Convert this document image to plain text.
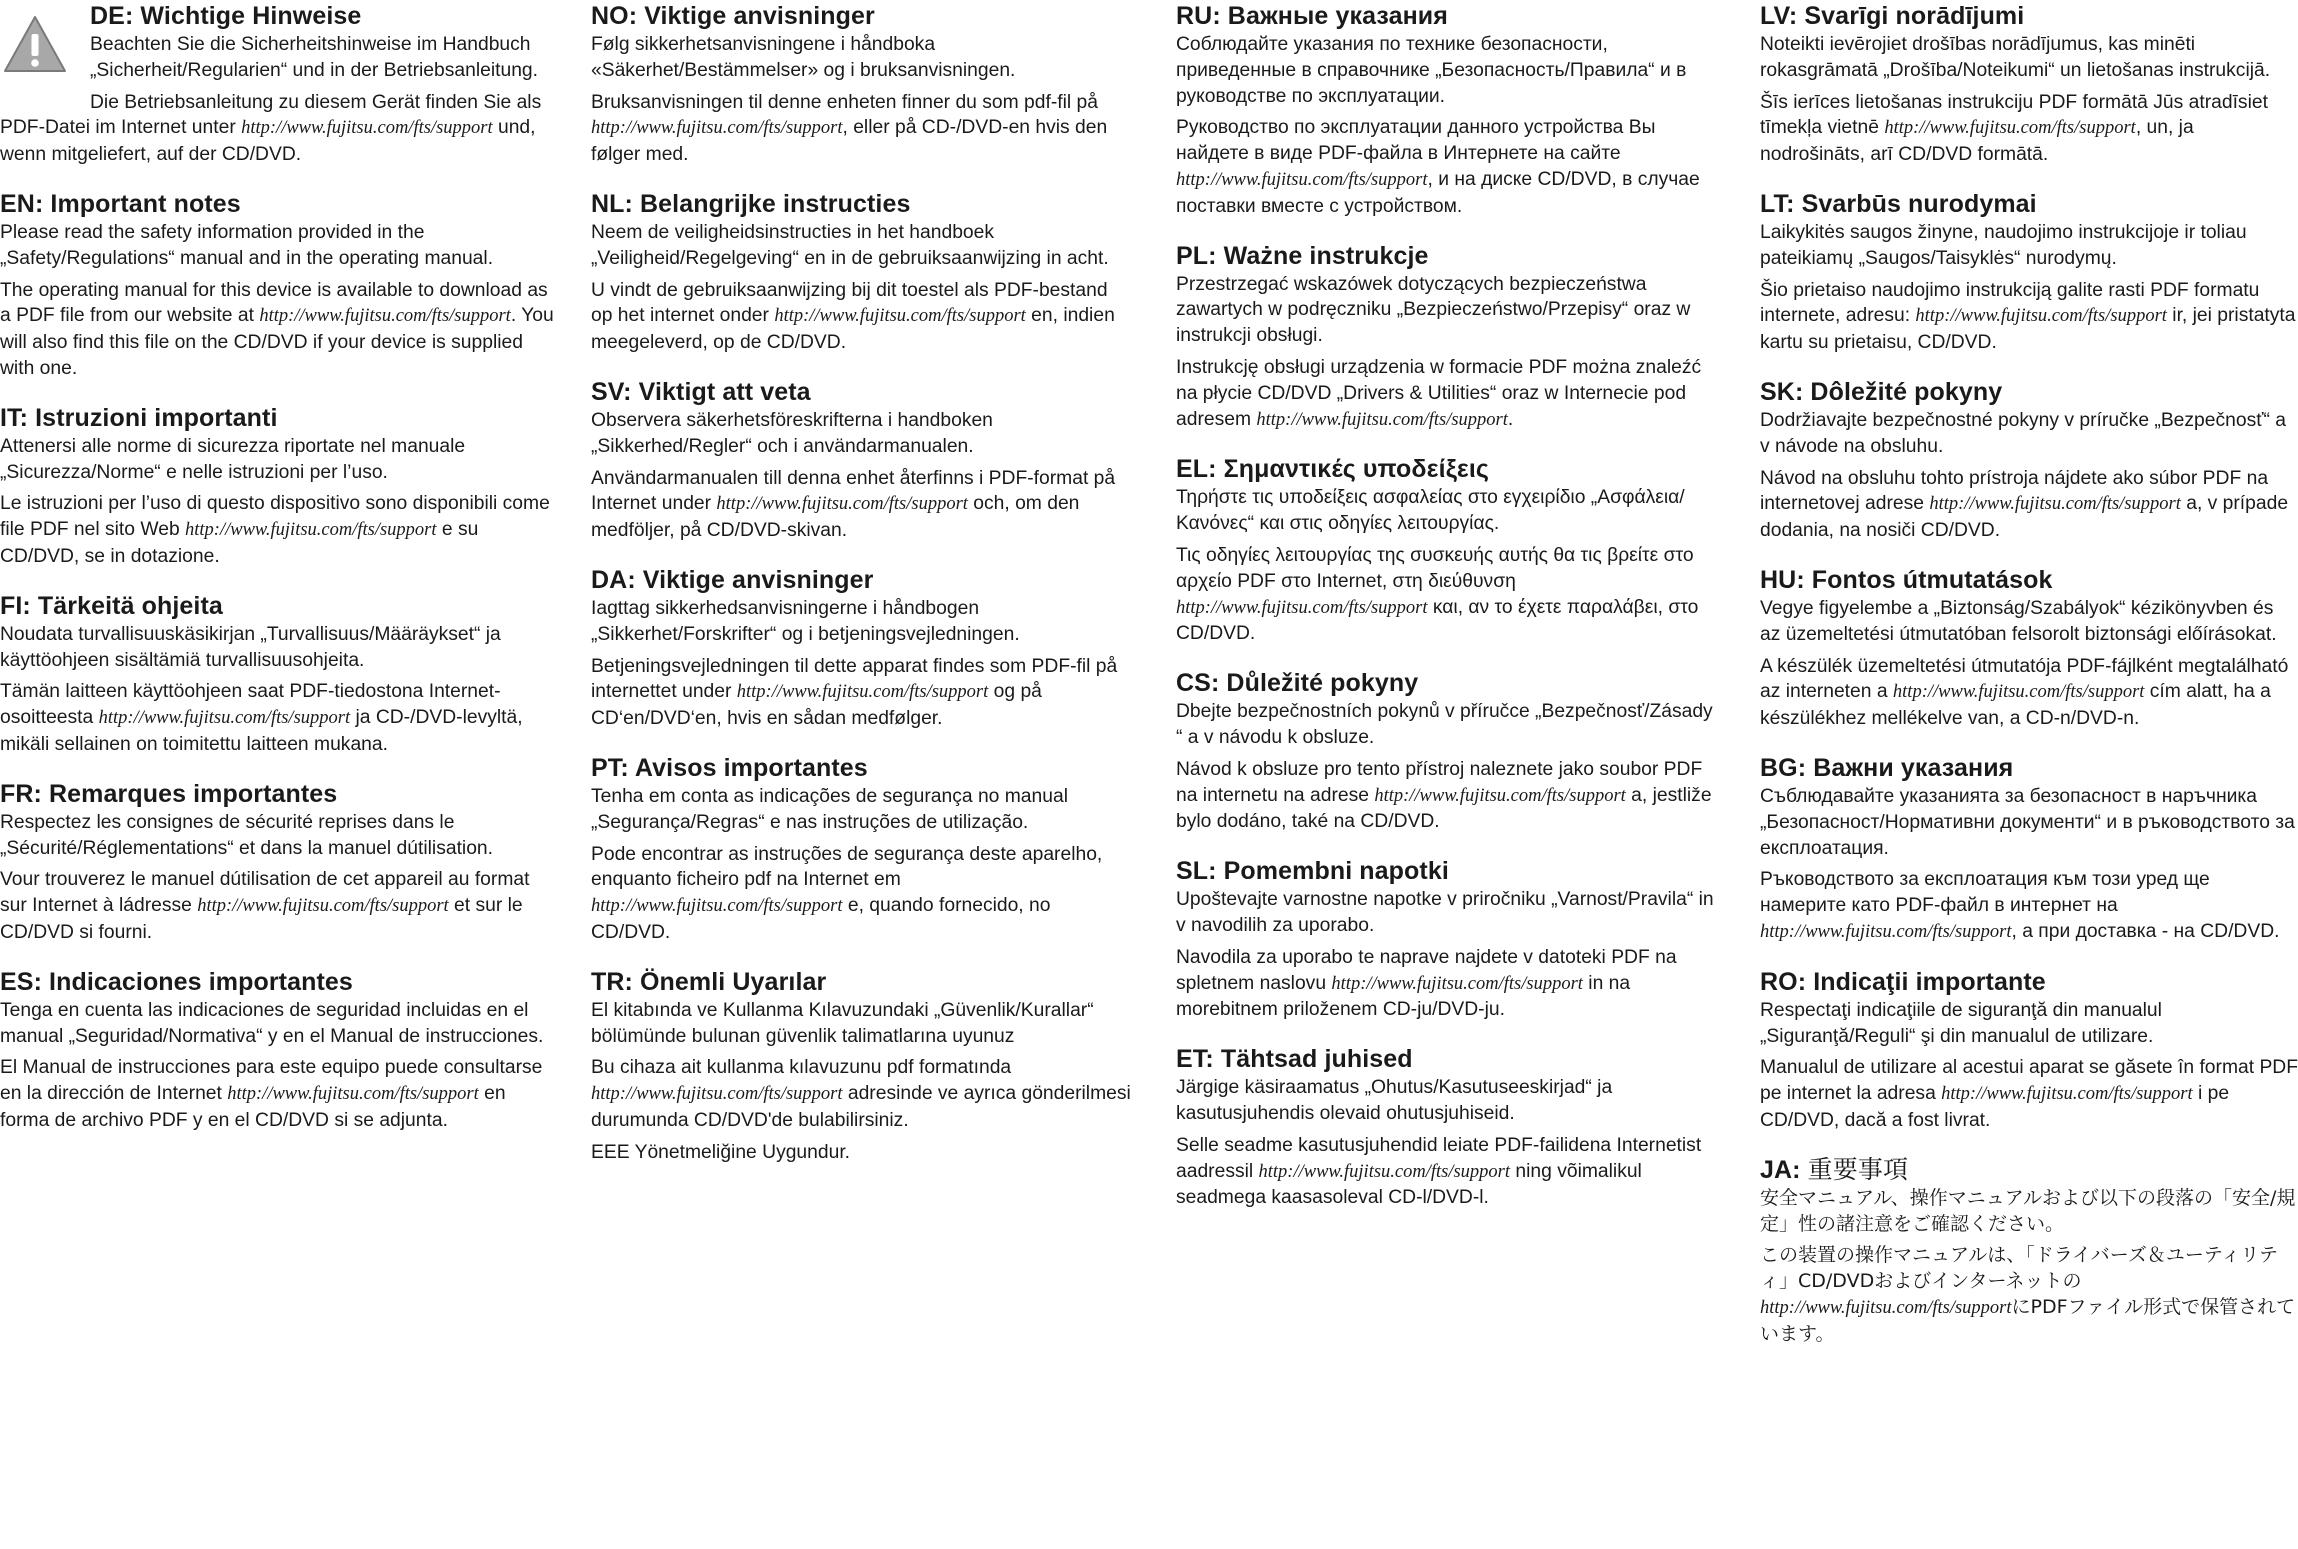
DE: Wichtige Hinweise

Beachten Sie die Sicherheitshinweise im Handbuch „Sicherheit/Regularien“ und in der Betriebsanleitung.

Die Betriebsanleitung zu diesem Gerät finden Sie als PDF-Datei im Internet unter http://www.fujitsu.com/fts/support und, wenn mitgeliefert, auf der CD/DVD.

EN: Important notes

Please read the safety information provided in the „Safety/Regulations“ manual and in the operating manual.

The operating manual for this device is available to download as a PDF file from our website at http://www.fujitsu.com/fts/support. You will also find this file on the CD/DVD if your device is supplied with one.

IT: Istruzioni importanti

Attenersi alle norme di sicurezza riportate nel manuale „Sicurezza/Norme“ e nelle istruzioni per l’uso.

Le istruzioni per l’uso di questo dispositivo sono disponibili come file PDF nel sito Web http://www.fujitsu.com/fts/support e su CD/DVD, se in dotazione.

FI: Tärkeitä ohjeita

Noudata turvallisuuskäsikirjan „Turvallisuus/Määräykset“ ja käyttöohjeen sisältämiä turvallisuusohjeita.

Tämän laitteen käyttöohjeen saat PDF-tiedostona Internet-osoitteesta http://www.fujitsu.com/fts/support ja CD-/DVD-levyltä, mikäli sellainen on toimitettu laitteen mukana.

FR: Remarques importantes

Respectez les consignes de sécurité reprises dans le „Sécurité/Réglementations“ et dans la manuel dútilisation.

Vour trouverez le manuel dútilisation de cet appareil au format sur Internet à ládresse http://www.fujitsu.com/fts/support et sur le CD/DVD si fourni.

ES: Indicaciones importantes

Tenga en cuenta las indicaciones de seguridad incluidas en el manual „Seguridad/Normativa“ y en el Manual de instrucciones.

El Manual de instrucciones para este equipo puede consultarse en la dirección de Internet http://www.fujitsu.com/fts/support en forma de archivo PDF y en el CD/DVD si se adjunta.

NO: Viktige anvisninger

Følg sikkerhetsanvisningene i håndboka «Säkerhet/Bestämmelser» og i bruksanvisningen.

Bruksanvisningen til denne enheten finner du som pdf-fil på http://www.fujitsu.com/fts/support, eller på CD-/DVD-en hvis den følger med.

NL: Belangrijke instructies

Neem de veiligheidsinstructies in het handboek „Veiligheid/Regelgeving“ en in de gebruiksaanwijzing in acht.

U vindt de gebruiksaanwijzing bij dit toestel als PDF-bestand op het internet onder http://www.fujitsu.com/fts/support en, indien meegeleverd, op de CD/DVD.

SV: Viktigt att veta

Observera säkerhetsföreskrifterna i handboken „Sikkerhed/Regler“ och i användarmanualen.

Användarmanualen till denna enhet återfinns i PDF-format på Internet under http://www.fujitsu.com/fts/support och, om den medföljer, på CD/DVD-skivan.

DA: Viktige anvisninger

Iagttag sikkerhedsanvisningerne i håndbogen „Sikkerhet/Forskrifter“ og i betjeningsvejledningen.

Betjeningsvejledningen til dette apparat findes som PDF-fil på internettet under http://www.fujitsu.com/fts/support og på CD‘en/DVD‘en, hvis en sådan medfølger.

PT: Avisos importantes

Tenha em conta as indicações de segurança no manual „Segurança/Regras“ e nas instruções de utilização.

Pode encontrar as instruções de segurança deste aparelho, enquanto ficheiro pdf na Internet em http://www.fujitsu.com/fts/support e, quando fornecido, no CD/DVD.

TR: Önemli Uyarılar

El kitabında ve Kullanma Kılavuzundaki „Güvenlik/Kurallar“ bölümünde bulunan güvenlik talimatlarına uyunuz

Bu cihaza ait kullanma kılavuzunu pdf formatında http://www.fujitsu.com/fts/support adresinde ve ayrıca gönderilmesi durumunda CD/DVD'de bulabilirsiniz.

EEE Yönetmeliğine Uygundur.

RU: Важные указания

Соблюдайте указания по технике безопасности, приведенные в справочнике „Безопасность/Правила“ и в руководстве по эксплуатации.

Руководство по эксплуатации данного устройства Вы найдете в виде PDF-файла в Интернете на сайте http://www.fujitsu.com/fts/support, и на диске CD/DVD, в случае поставки вместе с устройством.

PL: Ważne instrukcje

Przestrzegać wskazówek dotyczących bezpieczeństwa zawartych w podręczniku „Bezpieczeństwo/Przepisy“ oraz w instrukcji obsługi.

Instrukcję obsługi urządzenia w formacie PDF można znaleźć na płycie CD/DVD „Drivers & Utilities“ oraz w Internecie pod adresem http://www.fujitsu.com/fts/support.

EL: Σημαντικές υποδείξεις

Τηρήστε τις υποδείξεις ασφαλείας στο εγχειρίδιο „Ασφάλεια/Κανόνες“ και στις οδηγίες λειτουργίας.

Τις οδηγίες λειτουργίας της συσκευής αυτής θα τις βρείτε στο αρχείο PDF στο Internet, στη διεύθυνση http://www.fujitsu.com/fts/support και, αν το έχετε παραλάβει, στο CD/DVD.

CS: Důležité pokyny

Dbejte bezpečnostních pokynů v příručce „Bezpečnosť/Zásady “ a v návodu k obsluze.

Návod k obsluze pro tento přístroj naleznete jako soubor PDF na internetu na adrese http://www.fujitsu.com/fts/support a, jestliže bylo dodáno, také na CD/DVD.

SL: Pomembni napotki

Upoštevajte varnostne napotke v priročniku „Varnost/Pravila“ in v navodilih za uporabo.

Navodila za uporabo te naprave najdete v datoteki PDF na spletnem naslovu http://www.fujitsu.com/fts/support in na morebitnem priloženem CD-ju/DVD-ju.

ET: Tähtsad juhised

Järgige käsiraamatus „Ohutus/Kasutuseeskirjad“ ja kasutusjuhendis olevaid ohutusjuhiseid.

Selle seadme kasutusjuhendid leiate PDF-failidena Internetist aadressil http://www.fujitsu.com/fts/support ning võimalikul seadmega kaasasoleval CD-l/DVD-l.

LV: Svarīgi norādījumi

Noteikti ievērojiet drošības norādījumus, kas minēti rokasgrāmatā „Drošība/Noteikumi“ un lietošanas instrukcijā.

Šīs ierīces lietošanas instrukciju PDF formātā Jūs atradīsiet tīmekļa vietnē http://www.fujitsu.com/fts/support, un, ja nodrošināts, arī CD/DVD formātā.

LT: Svarbūs nurodymai

Laikykitės saugos žinyne, naudojimo instrukcijoje ir toliau pateikiamų „Saugos/Taisyklės“ nurodymų.

Šio prietaiso naudojimo instrukciją galite rasti PDF formatu internete, adresu: http://www.fujitsu.com/fts/support ir, jei pristatyta kartu su prietaisu, CD/DVD.

SK: Dôležité pokyny

Dodržiavajte bezpečnostné pokyny v príručke „Bezpečnosť“ a v návode na obsluhu.

Návod na obsluhu tohto prístroja nájdete ako súbor PDF na internetovej adrese http://www.fujitsu.com/fts/support a, v prípade dodania, na nosiči CD/DVD.

HU: Fontos útmutatások

Vegye figyelembe a „Biztonság/Szabályok“ kézikönyvben és az üzemeltetési útmutatóban felsorolt biztonsági előírásokat.

A készülék üzemeltetési útmutatója PDF-fájlként megtalálható az interneten a http://www.fujitsu.com/fts/support cím alatt, ha a készülékhez mellékelve van, a CD-n/DVD-n.

BG: Важни указания

Съблюдавайте указанията за безопасност в наръчника „Безопасност/Нормативни документи“ и в ръководството за експлоатация.

Ръководството за експлоатация към този уред ще намерите като PDF-файл в интернет на http://www.fujitsu.com/fts/support, а при доставка - на CD/DVD.

RO: Indicaţii importante

Respectaţi indicaţiile de siguranţă din manualul „Siguranţă/Reguli“ şi din manualul de utilizare.

Manualul de utilizare al acestui aparat se găsete în format PDF pe internet la adresa http://www.fujitsu.com/fts/support i pe CD/DVD, dacă a fost livrat.

JA: 重要事項

安全マニュアル、操作マニュアルおよび以下の段落の「安全/規定」性の諸注意をご確認ください。

この装置の操作マニュアルは、「ドライバーズ＆ユーティリティ」CD/DVDおよびインターネットのhttp://www.fujitsu.com/fts/supportにPDFファイル形式で保管されています。
